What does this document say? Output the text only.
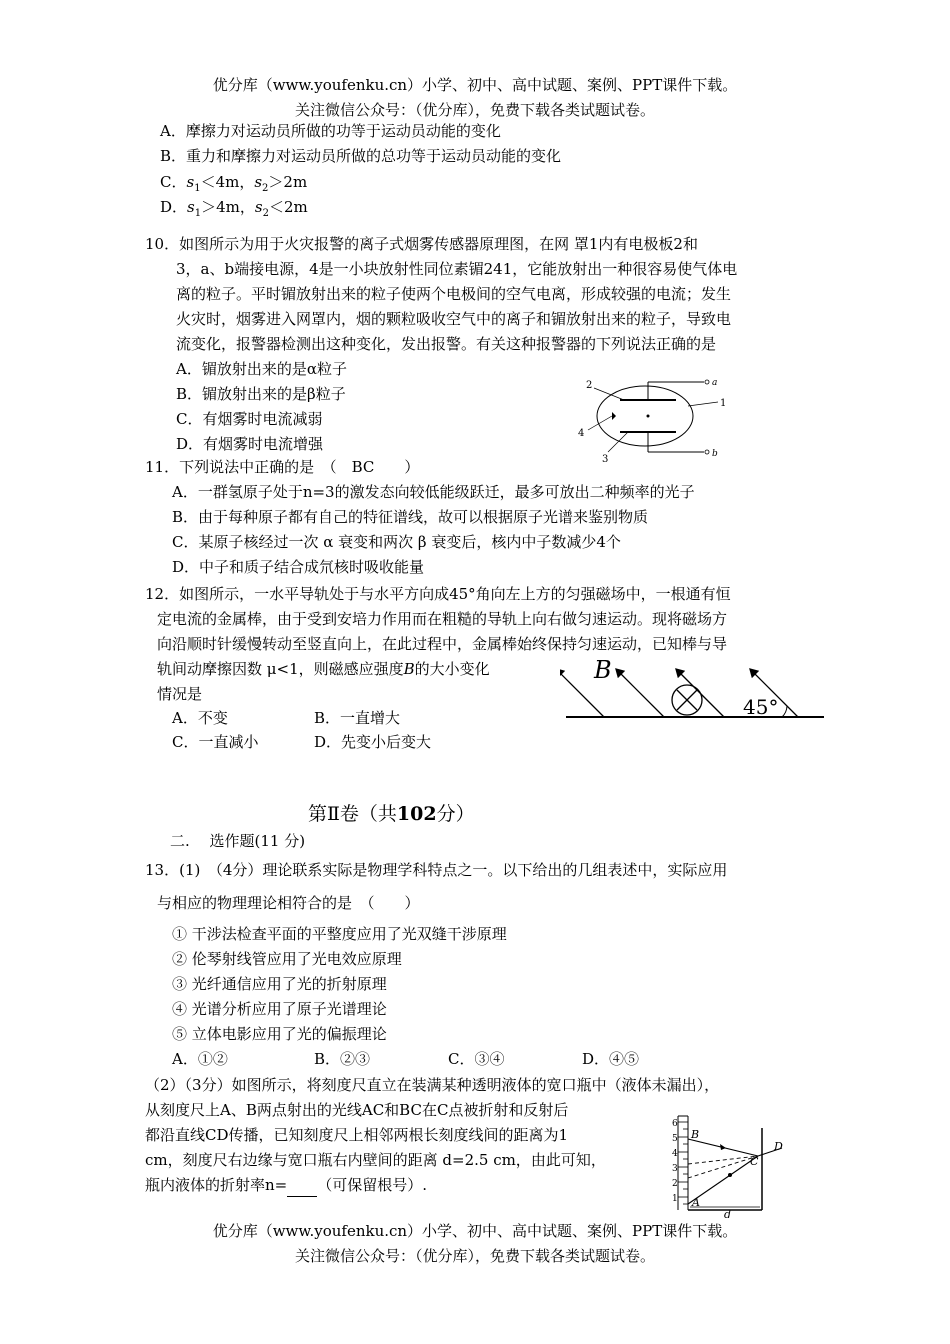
优分库（www.youfenku.cn）小学、初中、高中试题、案例、PPT课件下载。
关注微信公众号：（优分库），免费下载各类试题试卷。
A．摩擦力对运动员所做的功等于运动员动能的变化
B．重力和摩擦力对运动员所做的总功等于运动员动能的变化
C．$s_1<4m$，$s_2>2m$
D．$s_1>4m$，$s_2<2m$
10．如图所示为用于火灾报警的离子式烟雾传感器原理图，在网 罩1内有电极板2和
3，a、b端接电源，4是一小块放射性同位素镅241，它能放射出一种很容易使气体电
离的粒子。平时镅放射出来的粒子使两个电极间的空气电离，形成较强的电流；发生
火灾时，烟雾进入网罩内，烟的颗粒吸收空气中的离子和镅放射出来的粒子，导致电
流变化，报警器检测出这种变化，发出报警。有关这种报警器的下列说法正确的是
A．镅放射出来的是α粒子
B．镅放射出来的是β粒子
C．有烟雾时电流减弱
D．有烟雾时电流增强
2
1
4
3
a
b
11．下列说法中正确的是　（　BC　　）
A．一群氢原子处于n=3的激发态向较低能级跃迁，最多可放出二种频率的光子
B．由于每种原子都有自己的特征谱线，故可以根据原子光谱来鉴别物质
C．某原子核经过一次 α 衰变和两次 β 衰变后，核内中子数减少4个
D．中子和质子结合成氘核时吸收能量
12．如图所示，一水平导轨处于与水平方向成45°角向左上方的匀强磁场中，一根通有恒
定电流的金属棒，由于受到安培力作用而在粗糙的导轨上向右做匀速运动。现将磁场方
向沿顺时针缓慢转动至竖直向上，在此过程中，金属棒始终保持匀速运动，已知棒与导
轨间动摩擦因数 μ<1，则磁感应强度B的大小变化
情况是
A．不变	B．一直增大
C．一直减小	D．先变小后变大
B
45°
第Ⅱ卷（共102分）
二.　 选作题(11 分)
13．(1)　（4分）理论联系实际是物理学科特点之一。以下给出的几组表述中，实际应用
与相应的物理理论相符合的是　（　　）
① 干涉法检查平面的平整度应用了光双缝干涉原理
② 伦琴射线管应用了光电效应原理
③ 光纤通信应用了光的折射原理
④ 光谱分析应用了原子光谱理论
⑤ 立体电影应用了光的偏振理论
A．①②	B．②③	C．③④	D．④⑤
（2）（3分）如图所示，将刻度尺直立在装满某种透明液体的宽口瓶中（液体未漏出），
从刻度尺上A、B两点射出的光线AC和BC在C点被折射和反射后
都沿直线CD传播，已知刻度尺上相邻两根长刻度线间的距离为1
cm，刻度尺右边缘与宽口瓶右内壁间的距离 d=2.5 cm，由此可知，
瓶内液体的折射率n= （可保留根号）.
6
5
4
3
2
1
B
A
C
D
d
优分库（www.youfenku.cn）小学、初中、高中试题、案例、PPT课件下载。
关注微信公众号：（优分库），免费下载各类试题试卷。
